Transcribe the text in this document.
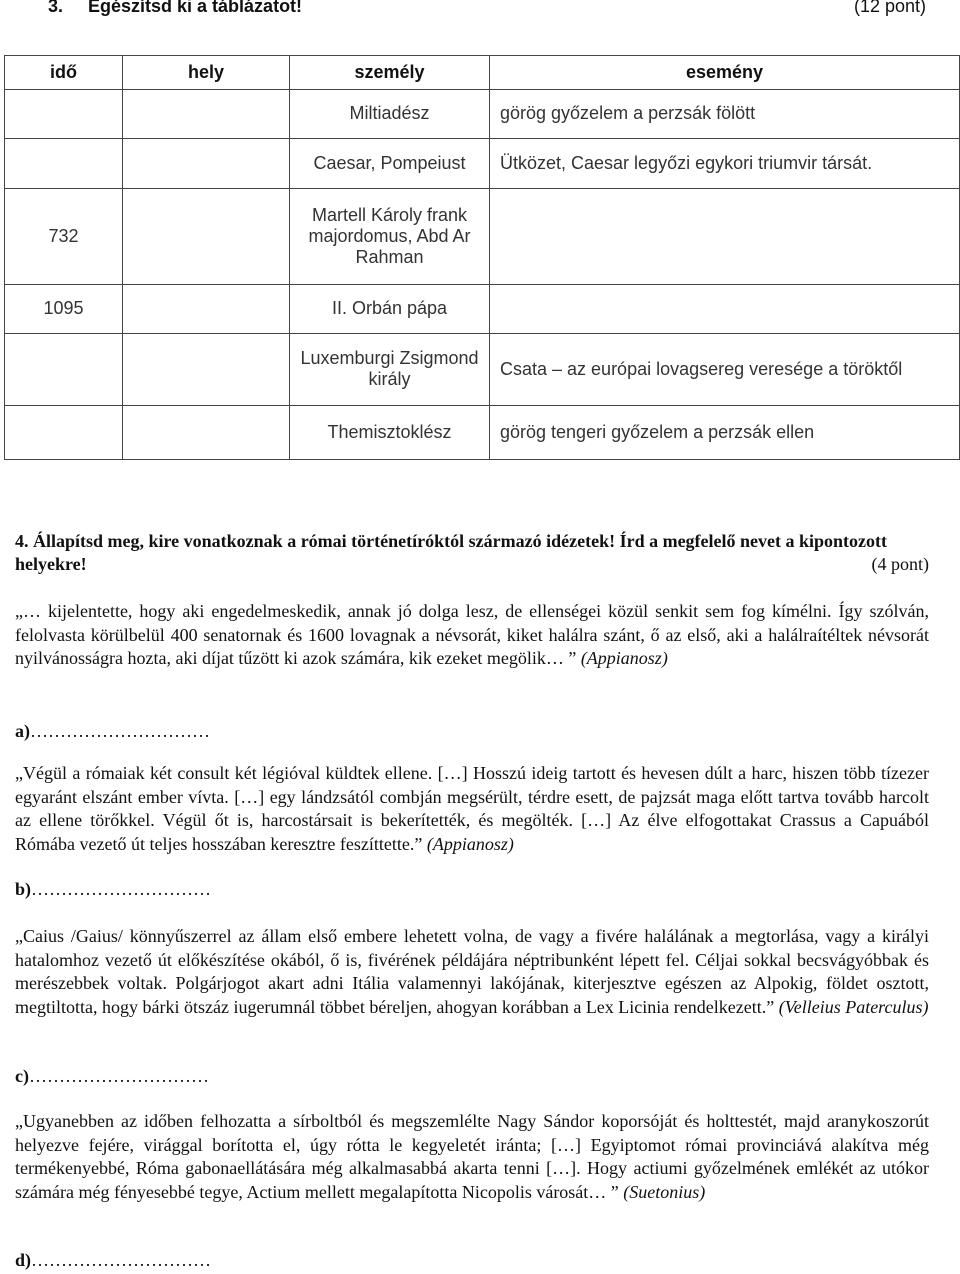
3. Egészítsd ki a táblázatot!	(12 pont)
idő	hely	személy	esemény
		Miltiadész	görög győzelem a perzsák fölött
		Caesar, Pompeiust	Ütközet, Caesar legyőzi egykori triumvir társát.
732		Martell Károly frank majordomus, Abd Ar Rahman	
1095		II. Orbán pápa	
		Luxemburgi Zsigmond király	Csata – az európai lovagsereg veresége a töröktől
		Themisztoklész	görög tengeri győzelem a perzsák ellen
4. Állapítsd meg, kire vonatkoznak a római történetíróktól származó idézetek! Írd a megfelelő nevet a kipontozott helyekre!	(4 pont)
„… kijelentette, hogy aki engedelmeskedik, annak jó dolga lesz, de ellenségei közül senkit sem fog kímélni. Így szólván, felolvasta körülbelül 400 senatornak és 1600 lovagnak a névsorát, kiket halálra szánt, ő az első, aki a halálraítéltek névsorát nyilvánosságra hozta, aki díjat tűzött ki azok számára, kik ezeket megölik… ” (Appianosz)
a)…………………………
„Végül a rómaiak két consult két légióval küldtek ellene. […] Hosszú ideig tartott és hevesen dúlt a harc, hiszen több tízezer egyaránt elszánt ember vívta. […] egy lándzsától combján megsérült, térdre esett, de pajzsát maga előtt tartva tovább harcolt az ellene törőkkel. Végül őt is, harcostársait is bekerítették, és megölték. […] Az élve elfogottakat Crassus a Capuából Rómába vezető út teljes hosszában keresztre feszíttette.” (Appianosz)
b)…………………………
„Caius /Gaius/ könnyűszerrel az állam első embere lehetett volna, de vagy a fivére halálának a megtorlása, vagy a királyi hatalomhoz vezető út előkészítése okából, ő is, fivérének példájára néptribunként lépett fel. Céljai sokkal becsvágyóbbak és merészebbek voltak. Polgárjogot akart adni Itália valamennyi lakójának, kiterjesztve egészen az Alpokig, földet osztott, megtiltotta, hogy bárki ötszáz iugerumnál többet béreljen, ahogyan korábban a Lex Licinia rendelkezett.” (Velleius Paterculus)
c)…………………………
„Ugyanebben az időben felhozatta a sírboltból és megszemlélte Nagy Sándor koporsóját és holttestét, majd aranykoszorút helyezve fejére, virággal borította el, úgy róttа le kegyeletét iránta; […] Egyiptomot római provinciává alakítva még termékenyebbé, Róma gabonaellátására még alkalmasabbá akarta tenni […]. Hogy actiumi győzelmének emlékét az utókor számára még fényesebbé tegye, Actium mellett megalapította Nicopolis városát… ” (Suetonius)
d)…………………………
